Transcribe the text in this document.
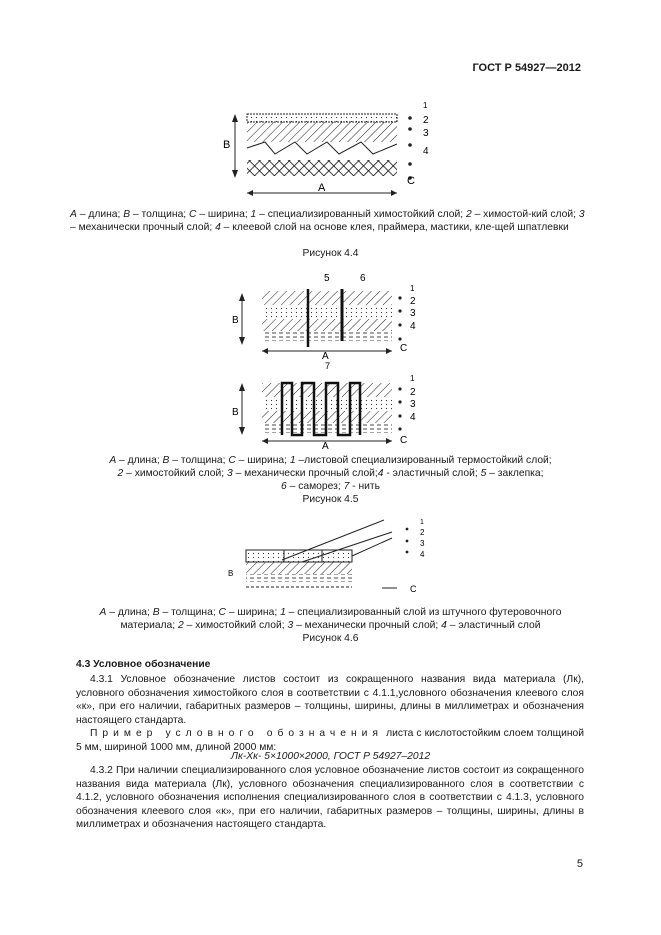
ГОСТ Р 54927—2012
B
A
C
1
2
3
4
А – длина; В – толщина; С – ширина; 1 – специализированный химостойкий слой; 2 – химостой-кий слой; 3 – механически прочный слой; 4 – клеевой слой на основе клея, праймера, мастики, кле-щей шпатлевки
Рисунок 4.4
5	6
B
A
7
C
1
2
3
4
B
A
C
1
2
3
4
А – длина; В – толщина; С – ширина; 1 –листовой специализированный термостойкий слой;
2 – химостойкий слой; 3 – механически прочный слой;4 - эластичный слой; 5 – заклепка;
6 – саморез; 7 - нить
Рисунок 4.5
B
C
1
2
3
4
А – длина; В – толщина; С – ширина; 1 – специализированный слой из штучного футеровочного
материала; 2 – химостойкий слой; 3 – механически прочный слой; 4 – эластичный слой
Рисунок 4.6
4.3 Условное обозначение
4.3.1 Условное обозначение листов состоит из сокращенного названия вида материала (Лк), условного обозначения химостойкого слоя в соответствии с 4.1.1,условного обозначения клеевого слоя «к», при его наличии, габаритных размеров – толщины, ширины, длины в миллиметрах и обозначения настоящего стандарта.
Пример условного обозначения листа с кислотостойким слоем толщиной 5 мм, шириной 1000 мм, длиной 2000 мм:
Лк-Хк- 5×1000×2000, ГОСТ Р 54927–2012
4.3.2 При наличии специализированного слоя условное обозначение листов состоит из сокращенного названия вида материала (Лк), условного обозначения специализированного слоя в соответствии с 4.1.2, условного обозначения исполнения специализированного слоя в соответствии с 4.1.3, условного обозначения клеевого слоя «к», при его наличии, габаритных размеров – толщины, ширины, длины в миллиметрах и обозначения настоящего стандарта.
5
